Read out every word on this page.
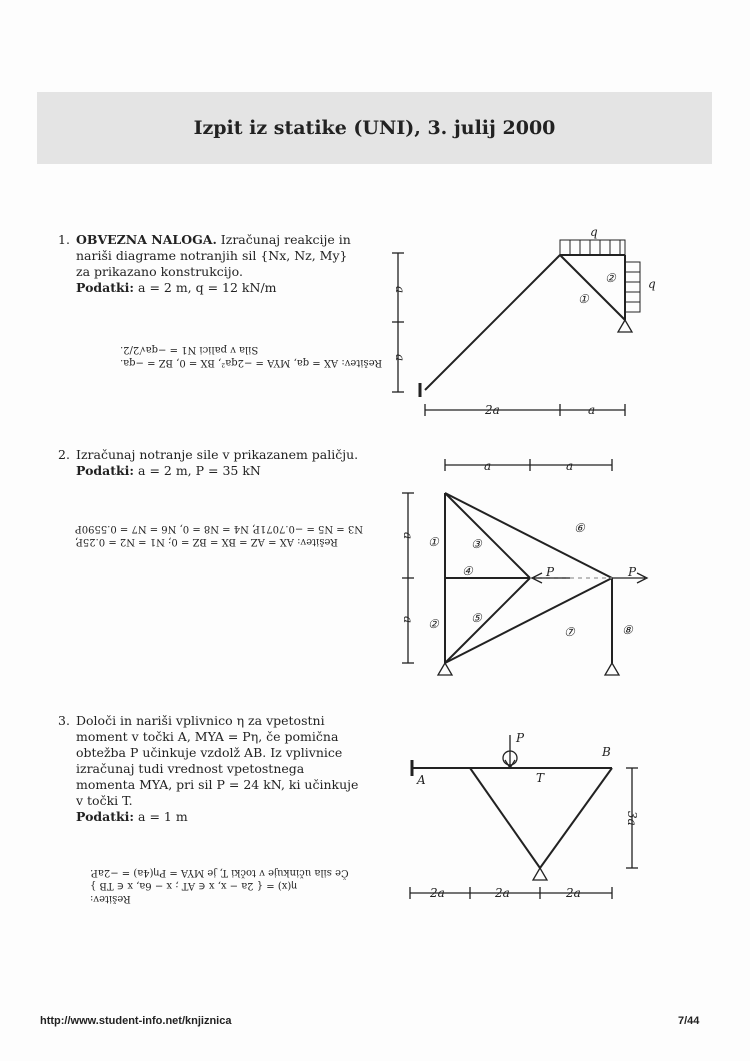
Izpit iz statike (UNI), 3. julij 2000
1. OBVEZNA NALOGA. Izračunaj reakcije in nariši diagrame notranjih sil {Nx, Nz, My} za prikazano konstrukcijo.
Podatki: a = 2 m, q = 12 kN/m
Rešitev: AX = qa, MYA = −2qa², BX = 0, BZ = −qa.
Sila v palici N1 = −qa√2/2.
2. Izračunaj notranje sile v prikazanem paličju.
Podatki: a = 2 m, P = 35 kN
Rešitev: AX = AZ = BX = BZ = 0; N1 = N2 = 0.25P,
N3 = N5 = −0.7071P, N4 = N8 = 0, N6 = N7 = 0.5590P
3. Določi in nariši vplivnico η za vpetostni moment v točki A, MYA = Pη, če pomična obtežba P učinkuje vzdolž AB. Iz vplivnice izračunaj tudi vrednost vpetostnega momenta MYA, pri sil P = 24 kN, ki učinkuje v točki T.
Podatki: a = 1 m
Rešitev:
η(x) = { 2a − x, x ∈ AT ; x − 6a, x ∈ TB }
Če sila učinkuje v točki T, je MYA = Pη(4a) = −2aP.
q
q
①
②
a
a
2a	a
a	a
a
a
①
②
③
④
⑤
⑥
⑦	⑧
P	P
P
A
B
T
3a
2a	2a	2a
http://www.student-info.net/knjiznica	7/44
